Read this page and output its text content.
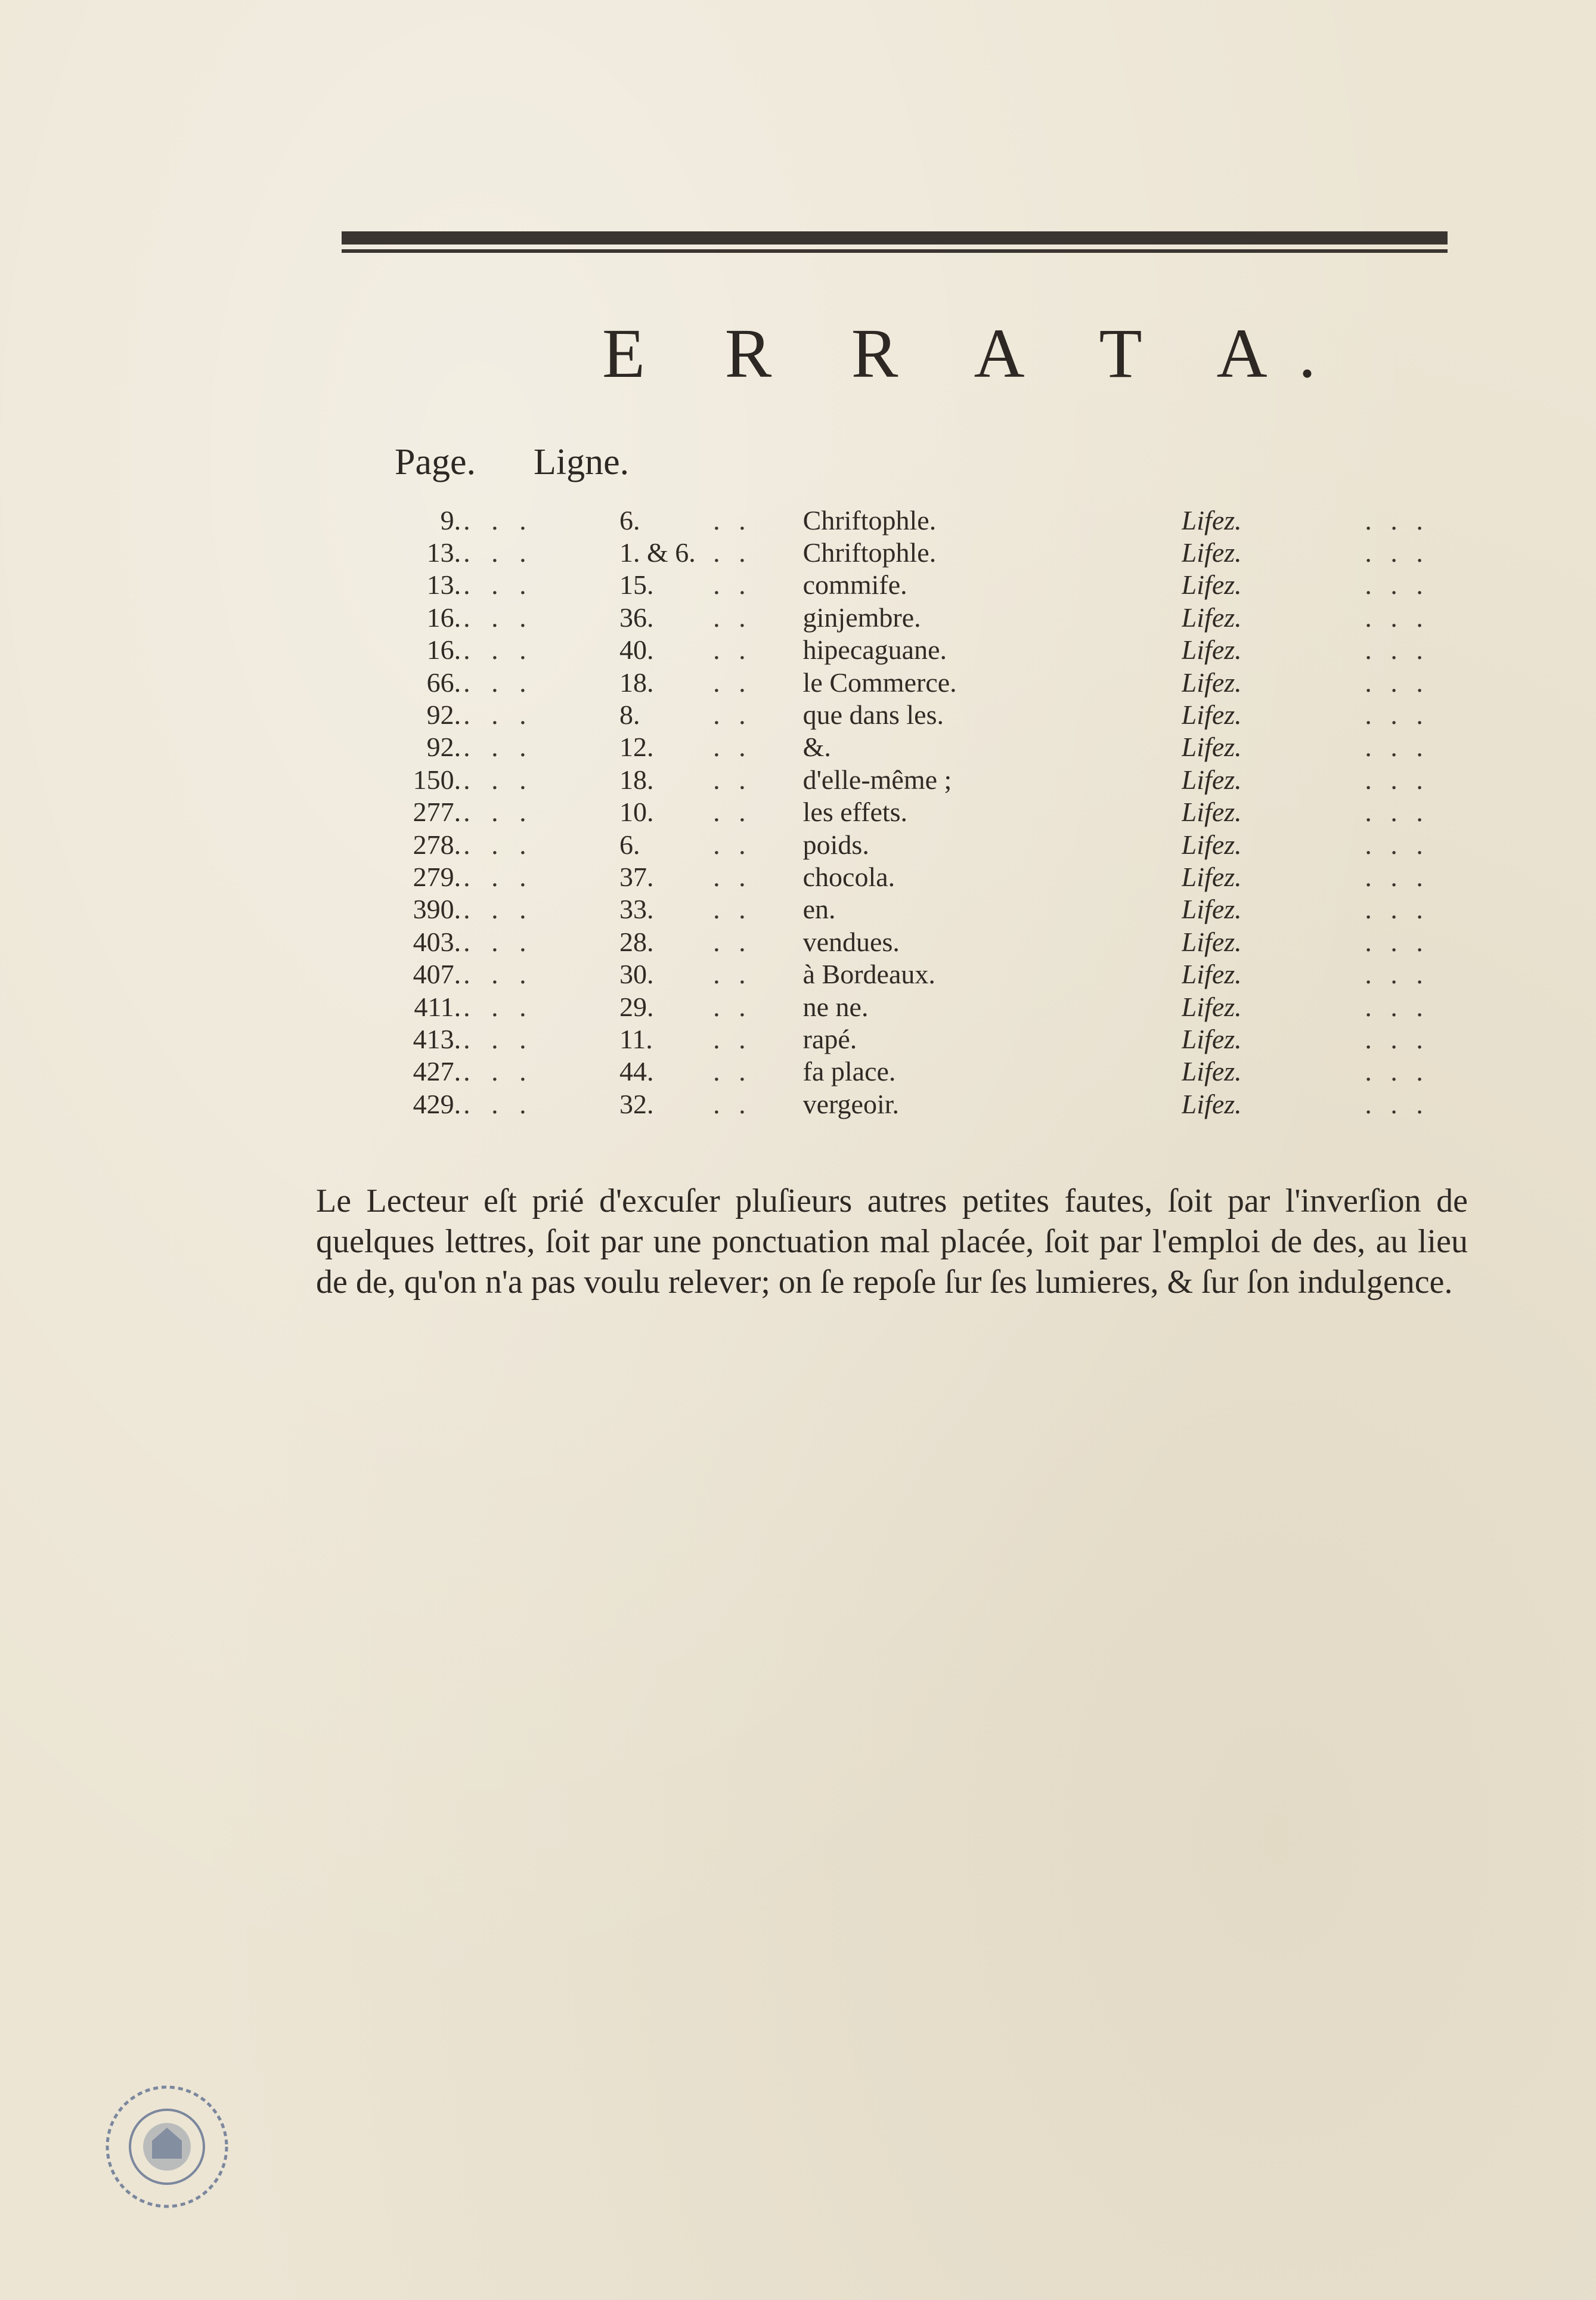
E R R A T A.
Page. Ligne.
9.	. . .	6.	. .	Chriftophle.	Lifez.	. . .	
13.	. . .	1. & 6.	. .	Chriftophle.	Lifez.	. . .	
13.	. . .	15.	. .	commife.	Lifez.	. . .	
16.	. . .	36.	. .	ginjembre.	Lifez.	. . .	
16.	. . .	40.	. .	hipecaguane.	Lifez.	. . .	
66.	. . .	18.	. .	le Commerce.	Lifez.	. . .	
92.	. . .	8.	. .	que dans les.	Lifez.	. . .	
92.	. . .	12.	. .	&.	Lifez.	. . .	
150.	. . .	18.	. .	d'elle-même ;	Lifez.	. . .	
277.	. . .	10.	. .	les effets.	Lifez.	. . .	
278.	. . .	6.	. .	poids.	Lifez.	. . .	
279.	. . .	37.	. .	chocola.	Lifez.	. . .	
390.	. . .	33.	. .	en.	Lifez.	. . .	
403.	. . .	28.	. .	vendues.	Lifez.	. . .	
407.	. . .	30.	. .	à Bordeaux.	Lifez.	. . .	
411.	. . .	29.	. .	ne ne.	Lifez.	. . .	
413.	. . .	11.	. .	rapé.	Lifez.	. . .	
427.	. . .	44.	. .	fa place.	Lifez.	. . .	
429.	. . .	32.	. .	vergeoir.	Lifez.	. . .	
Le Lecteur eſt prié d'excuſer pluſieurs autres petites fautes, ſoit par l'inverſion de quelques lettres, ſoit par une ponctuation mal placée, ſoit par l'emploi de des, au lieu de de, qu'on n'a pas voulu relever; on ſe repoſe ſur ſes lumieres, & ſur ſon indulgence.
